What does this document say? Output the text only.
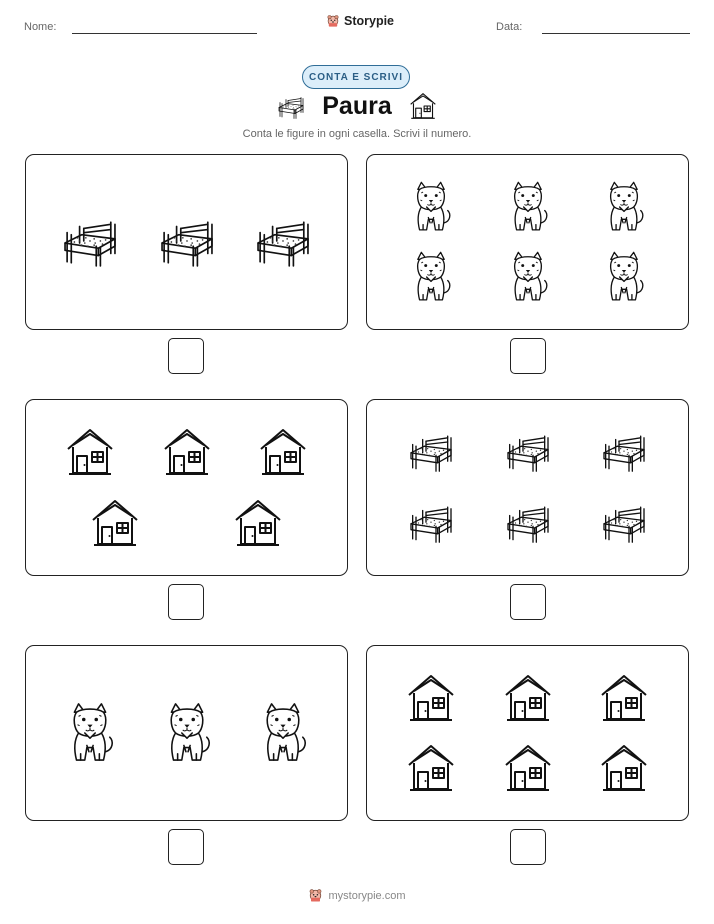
Nome:	Storypie	Data:
CONTA E SCRIVI
Paura
Conta le figure in ogni casella. Scrivi il numero.
mystorypie.com
